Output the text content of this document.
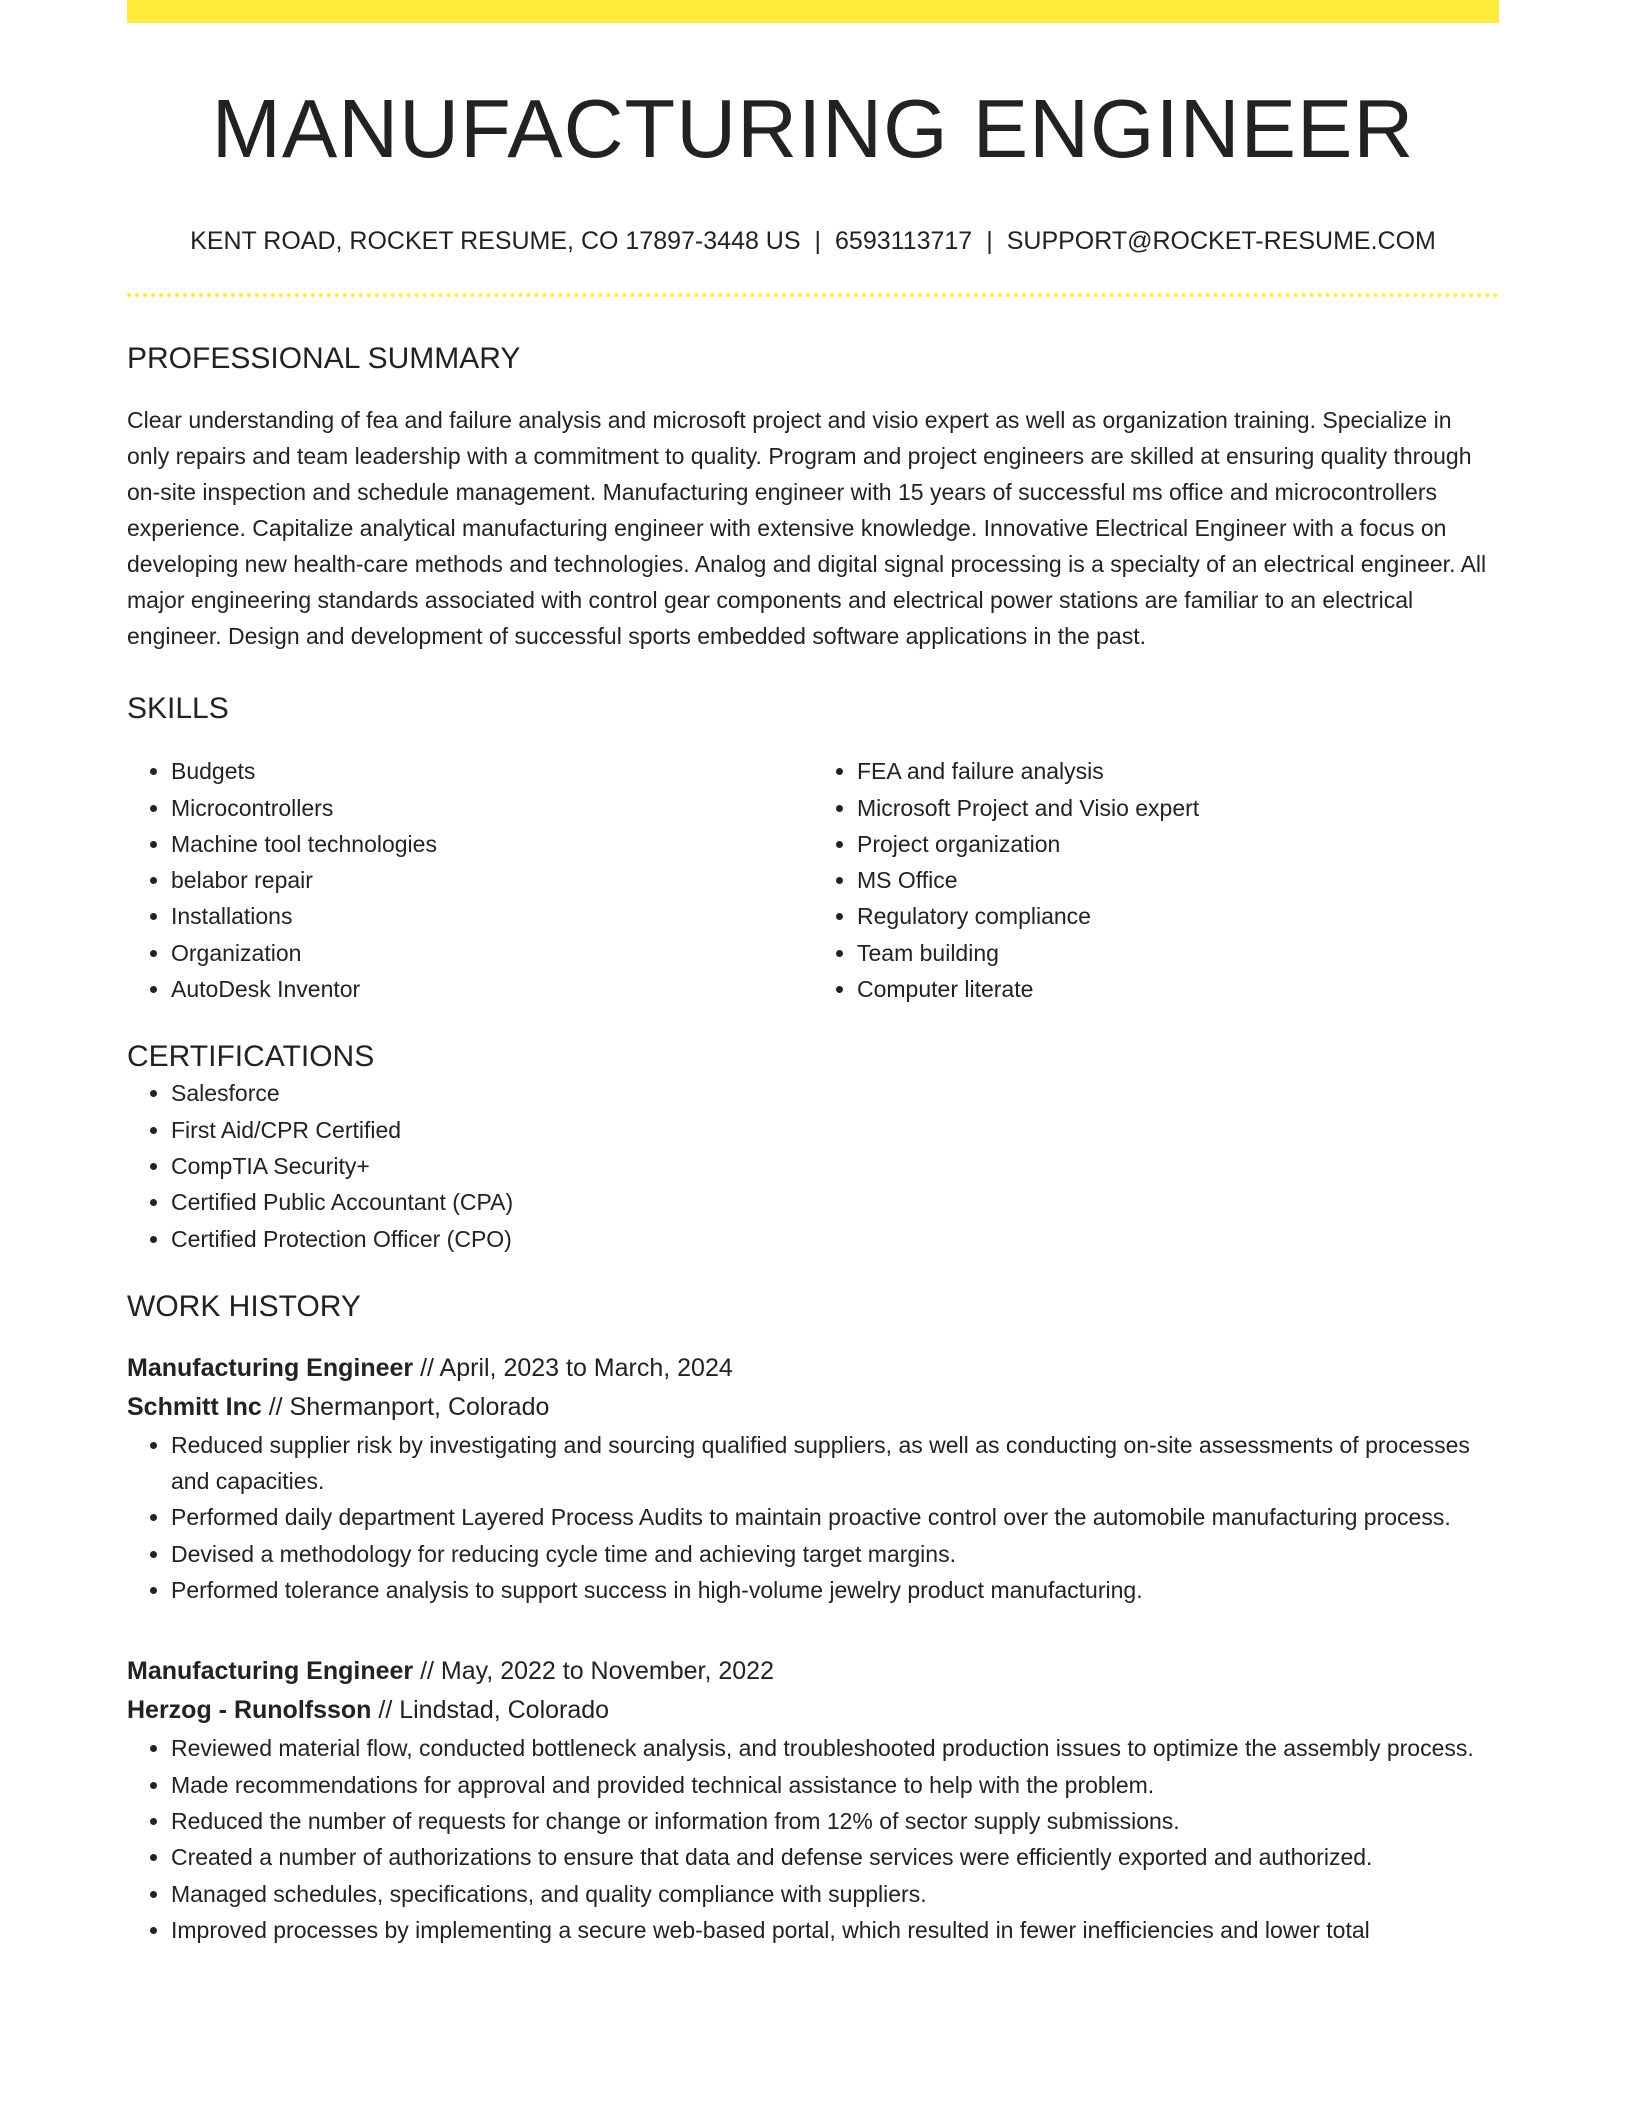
MANUFACTURING ENGINEER
KENT ROAD, ROCKET RESUME, CO 17897-3448 US | 6593113717 | SUPPORT@ROCKET-RESUME.COM
PROFESSIONAL SUMMARY

Clear understanding of fea and failure analysis and microsoft project and visio expert as well as organization training. Specialize in only repairs and team leadership with a commitment to quality. Program and project engineers are skilled at ensuring quality through on-site inspection and schedule management. Manufacturing engineer with 15 years of successful ms office and microcontrollers experience. Capitalize analytical manufacturing engineer with extensive knowledge. Innovative Electrical Engineer with a focus on developing new health-care methods and technologies. Analog and digital signal processing is a specialty of an electrical engineer. All major engineering standards associated with control gear components and electrical power stations are familiar to an electrical engineer. Design and development of successful sports embedded software applications in the past.

SKILLS
• Budgets
• Microcontrollers
• Machine tool technologies
• belabor repair
• Installations
• Organization
• AutoDesk Inventor
• FEA and failure analysis
• Microsoft Project and Visio expert
• Project organization
• MS Office
• Regulatory compliance
• Team building
• Computer literate
CERTIFICATIONS
• Salesforce
• First Aid/CPR Certified
• CompTIA Security+
• Certified Public Accountant (CPA)
• Certified Protection Officer (CPO)
WORK HISTORY
Manufacturing Engineer // April, 2023 to March, 2024
Schmitt Inc // Shermanport, Colorado
• Reduced supplier risk by investigating and sourcing qualified suppliers, as well as conducting on-site assessments of processes and capacities.
• Performed daily department Layered Process Audits to maintain proactive control over the automobile manufacturing process.
• Devised a methodology for reducing cycle time and achieving target margins.
• Performed tolerance analysis to support success in high-volume jewelry product manufacturing.
Manufacturing Engineer // May, 2022 to November, 2022
Herzog - Runolfsson // Lindstad, Colorado
• Reviewed material flow, conducted bottleneck analysis, and troubleshooted production issues to optimize the assembly process.
• Made recommendations for approval and provided technical assistance to help with the problem.
• Reduced the number of requests for change or information from 12% of sector supply submissions.
• Created a number of authorizations to ensure that data and defense services were efficiently exported and authorized.
• Managed schedules, specifications, and quality compliance with suppliers.
• Improved processes by implementing a secure web-based portal, which resulted in fewer inefficiencies and lower total
